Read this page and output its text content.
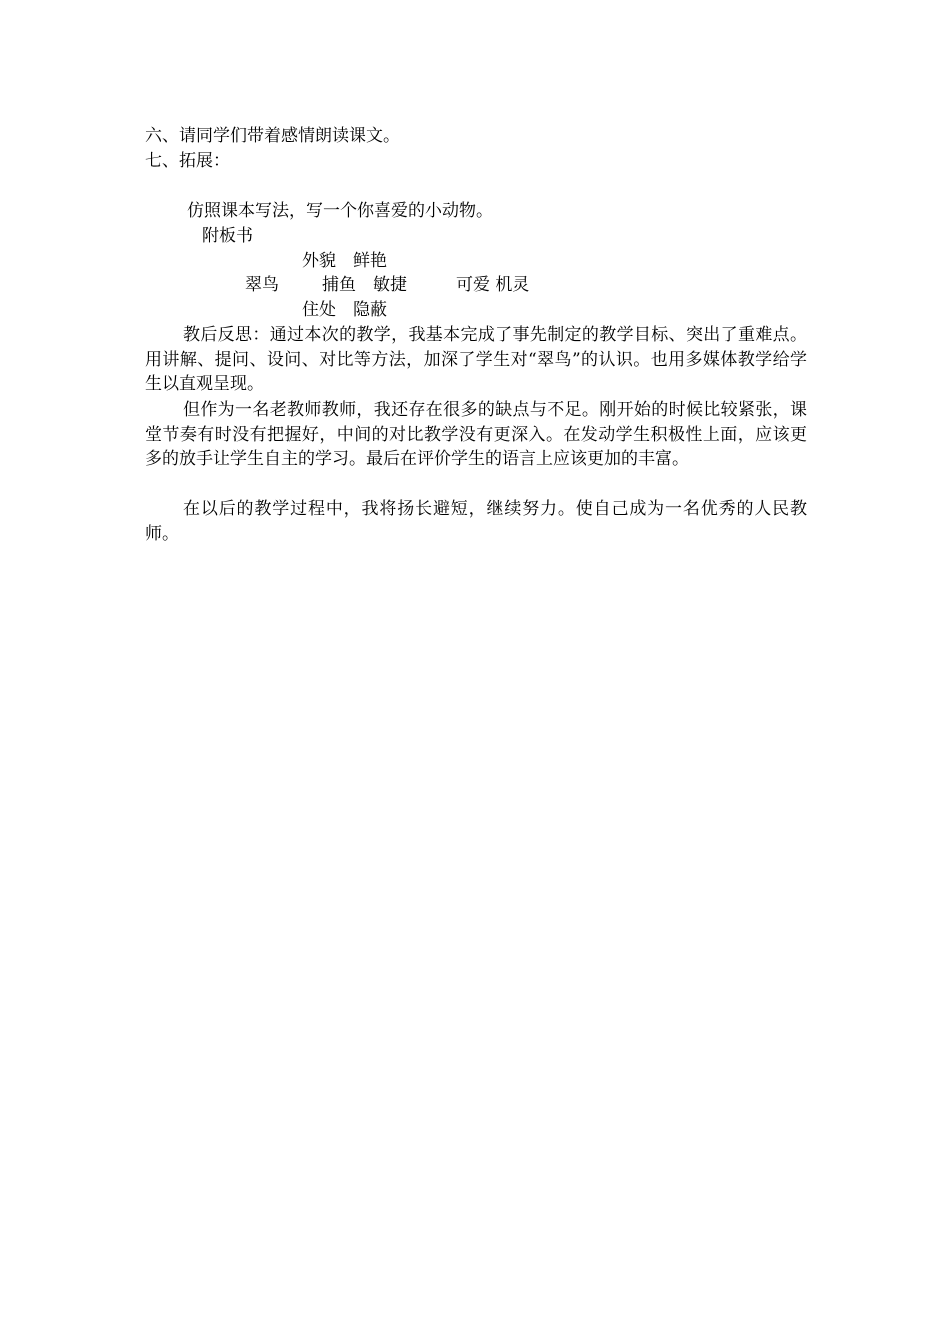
六、请同学们带着感情朗读课文。
七、拓展：
仿照课本写法，写一个你喜爱的小动物。
附板书
外貌　鲜艳
翠鸟	捕鱼　敏捷	可爱 机灵
住处　隐蔽
教后反思：通过本次的教学，我基本完成了事先制定的教学目标、突出了重难点。用讲解、提问、设问、对比等方法，加深了学生对“翠鸟”的认识。也用多媒体教学给学生以直观呈现。
但作为一名老教师教师，我还存在很多的缺点与不足。刚开始的时候比较紧张，课堂节奏有时没有把握好，中间的对比教学没有更深入。在发动学生积极性上面，应该更多的放手让学生自主的学习。最后在评价学生的语言上应该更加的丰富。
在以后的教学过程中，我将扬长避短，继续努力。使自己成为一名优秀的人民教师。
